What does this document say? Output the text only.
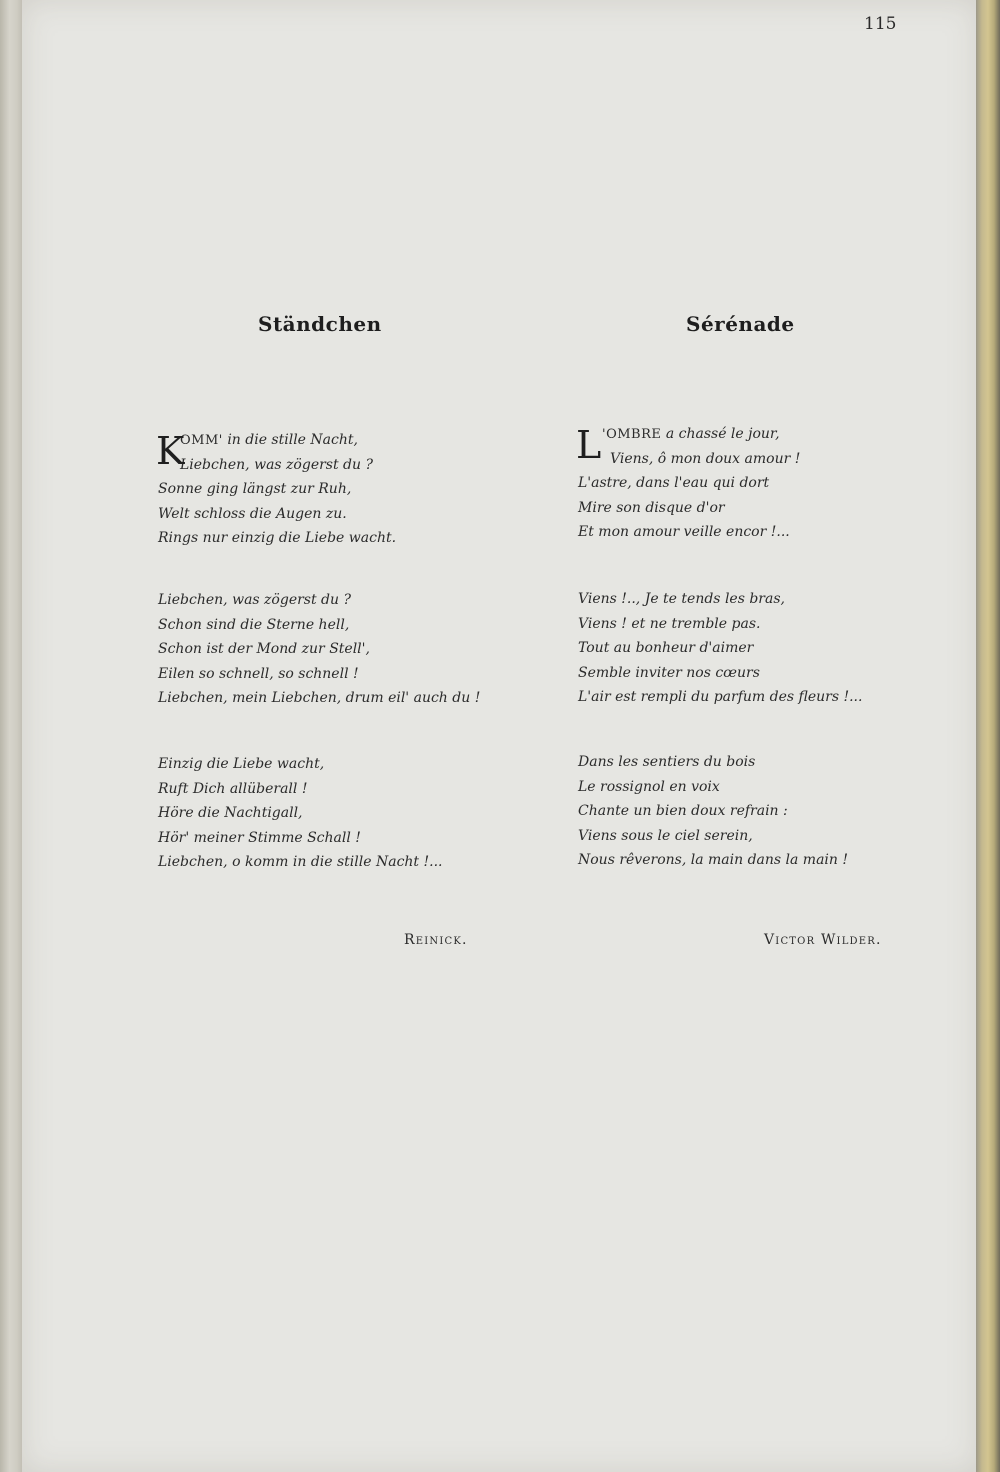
115
Ständchen
K
OMM' in die stille Nacht,
Liebchen, was zögerst du ?
Sonne ging längst zur Ruh,
Welt schloss die Augen zu.
Rings nur einzig die Liebe wacht.
Liebchen, was zögerst du ?
Schon sind die Sterne hell,
Schon ist der Mond zur Stell',
Eilen so schnell, so schnell !
Liebchen, mein Liebchen, drum eil' auch du !
Einzig die Liebe wacht,
Ruft Dich allüberall !
Höre die Nachtigall,
Hör' meiner Stimme Schall !
Liebchen, o komm in die stille Nacht !...
Reinick.
Sérénade
L 'OMBRE a chassé le jour,
Viens, ô mon doux amour !
L'astre, dans l'eau qui dort
Mire son disque d'or
Et mon amour veille encor !...
Viens !.., Je te tends les bras,
Viens ! et ne tremble pas.
Tout au bonheur d'aimer
Semble inviter nos cœurs
L'air est rempli du parfum des fleurs !...
Dans les sentiers du bois
Le rossignol en voix
Chante un bien doux refrain :
Viens sous le ciel serein,
Nous rêverons, la main dans la main !
Victor Wilder.
